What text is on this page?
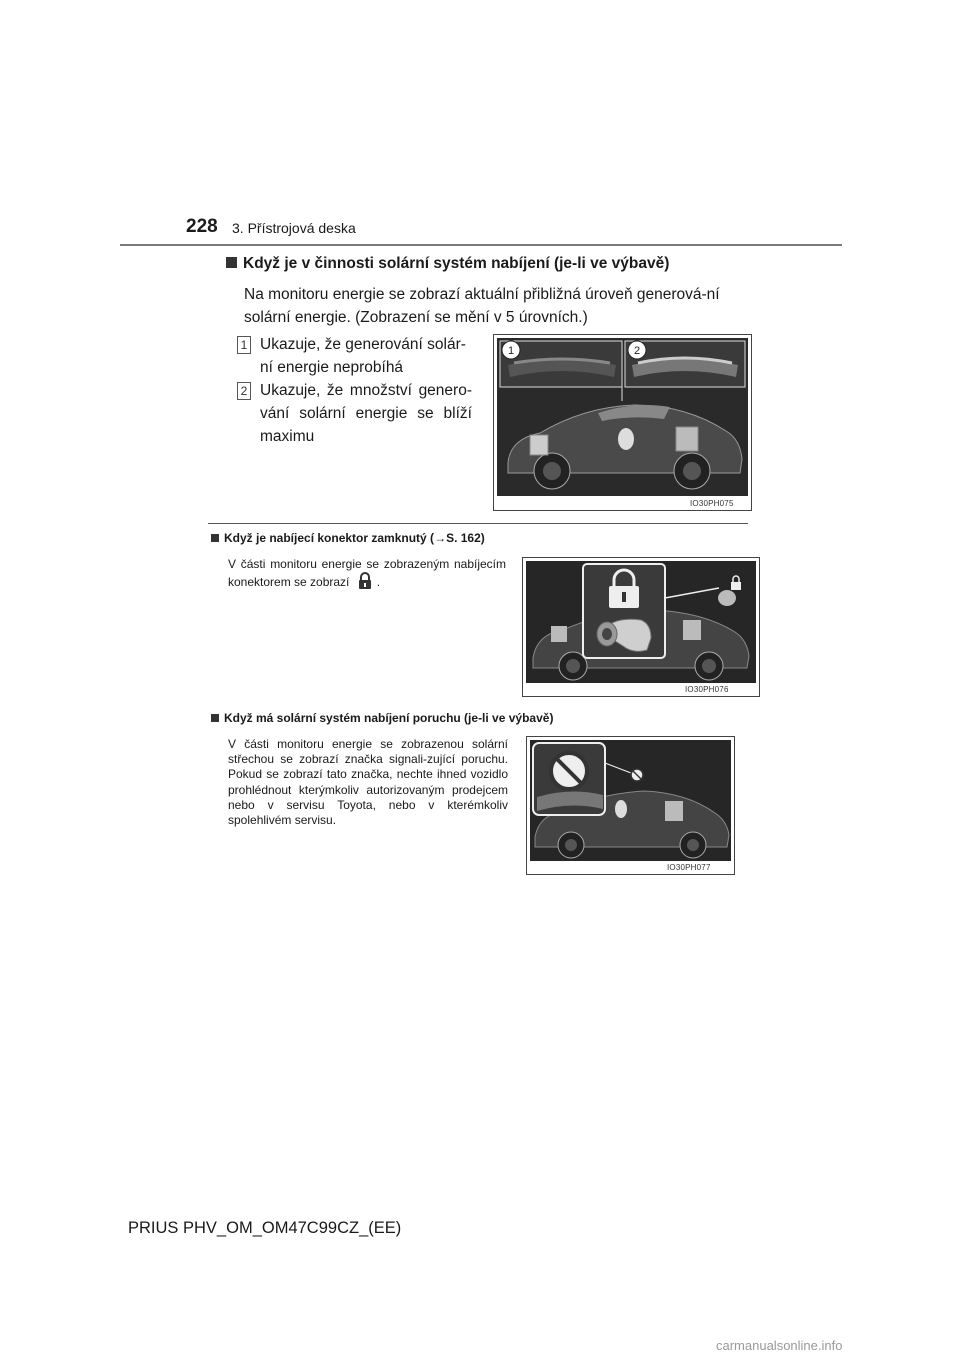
228 3. Přístrojová deska
Když je v činnosti solární systém nabíjení (je-li ve výbavě)
Na monitoru energie se zobrazí aktuální přibližná úroveň generová-ní solární energie. (Zobrazení se mění v 5 úrovních.)
1 Ukazuje, že generování solár-ní energie neprobíhá
2 Ukazuje, že množství genero-vání solární energie se blíží maximu
1	2
IO30PH075
Když je nabíjecí konektor zamknutý (→S. 162)
V části monitoru energie se zobrazeným nabíjecím konektorem se zobrazí .
IO30PH076
Když má solární systém nabíjení poruchu (je-li ve výbavě)
V části monitoru energie se zobrazenou solární střechou se zobrazí značka signali-zující poruchu. Pokud se zobrazí tato značka, nechte ihned vozidlo prohlédnout kterýmkoliv autorizovaným prodejcem nebo v servisu Toyota, nebo v kterémkoliv spolehlivém servisu.
IO30PH077
PRIUS PHV_OM_OM47C99CZ_(EE)
carmanualsonline.info
